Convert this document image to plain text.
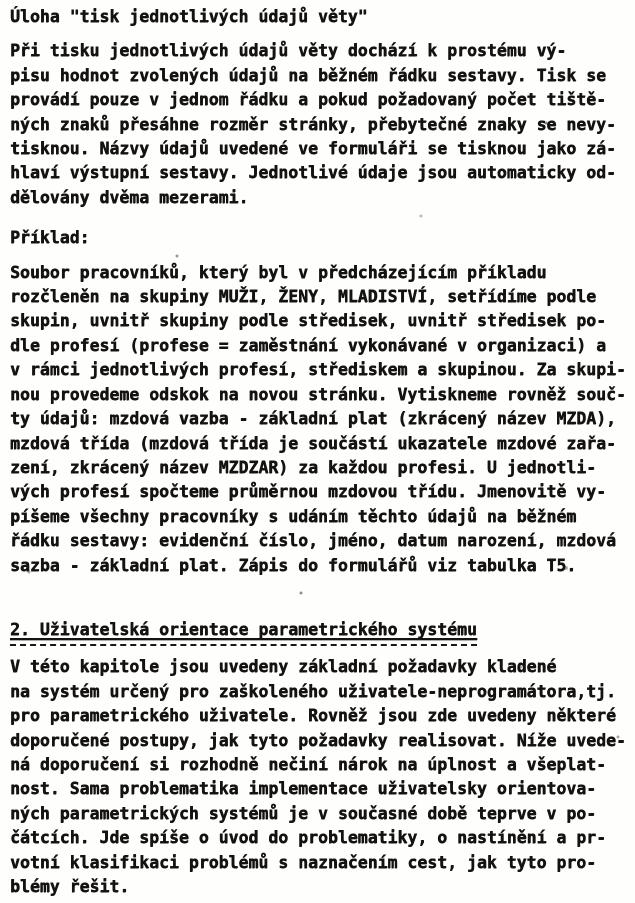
Úloha "tisk jednotlivých údajů věty"
Při tisku jednotlivých údajů věty dochází k prostému vý-
pisu hodnot zvolených údajů na běžném řádku sestavy. Tisk se
provádí pouze v jednom řádku a pokud požadovaný počet tiště-
ných znaků přesáhne rozměr stránky, přebytečné znaky se nevy-
tisknou. Názvy údajů uvedené ve formuláři se tisknou jako zá-
hlaví výstupní sestavy. Jednotlivé údaje jsou automaticky od-
dělovány dvěma mezerami.
Příklad:
Soubor pracovníků, který byl v předcházejícím příkladu
rozčleněn na skupiny MUŽI, ŽENY, MLADISTVÍ, setřídíme podle
skupin, uvnitř skupiny podle středisek, uvnitř středisek po-
dle profesí (profese = zaměstnání vykonávané v organizaci) a
v rámci jednotlivých profesí, střediskem a skupinou. Za skupi-
nou provedeme odskok na novou stránku. Vytiskneme rovněž souč-
ty údajů: mzdová vazba - základní plat (zkrácený název MZDA),
mzdová třída (mzdová třída je součástí ukazatele mzdové zařa-
zení, zkrácený název MZDZAR) za každou profesi. U jednotli-
vých profesí spočteme průměrnou mzdovou třídu. Jmenovitě vy-
píšeme všechny pracovníky s udáním těchto údajů na běžném
řádku sestavy: evidenční číslo, jméno, datum narození, mzdová
sazba - základní plat. Zápis do formulářů viz tabulka T5.
2. Uživatelská orientace parametrického systému
V této kapitole jsou uvedeny základní požadavky kladené
na systém určený pro zaškoleného uživatele-neprogramátora,tj.
pro parametrického uživatele. Rovněž jsou zde uvedeny některé
doporučené postupy, jak tyto požadavky realisovat. Níže uvede-
ná doporučení si rozhodně nečiní nárok na úplnost a všeplat-
nost. Sama problematika implementace uživatelsky orientova-
ných parametrických systémů je v současné době teprve v po-
čátcích. Jde spíše o úvod do problematiky, o nastínění a pr-
votní klasifikaci problémů s naznačením cest, jak tyto pro-
blémy řešit.
